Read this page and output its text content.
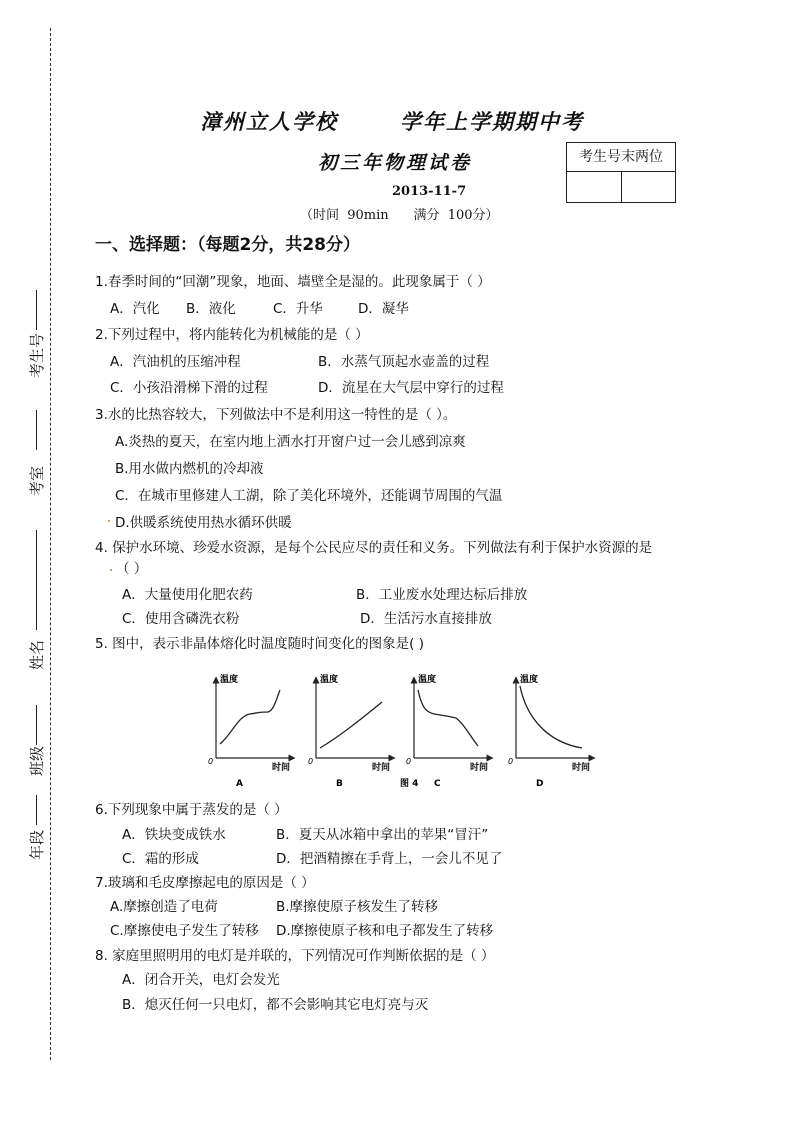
考生号
考室
姓名
班级
年段
漳州立人学校	学年上学期期中考
初三年物理试卷
2013-11-7
（时间  90min      满分  100分）
考生号末两位
一、选择题：（每题2分，共28分）
1.春季时间的“回潮”现象，地面、墙壁全是湿的。此现象属于（ ）
A．汽化 B．液化	C．升华	D．凝华
2.下列过程中，将内能转化为机械能的是（ ）
A．汽油机的压缩冲程	B．水蒸气顶起水壶盖的过程
C．小孩沿滑梯下滑的过程	D．流星在大气层中穿行的过程
3.水的比热容较大，下列做法中不是利用这一特性的是（ ）。
A.炎热的夏天，在室内地上洒水打开窗户过一会儿感到凉爽
B.用水做内燃机的冷却液
C．在城市里修建人工湖，除了美化环境外，还能调节周围的气温
D.供暖系统使用热水循环供暖
4. 保护水环境、珍爱水资源，是每个公民应尽的责任和义务。下列做法有利于保护水资源的是
（ ）
A．大量使用化肥农药	B．工业废水处理达标后排放
C．使用含磷洗衣粉	D．生活污水直接排放
5. 图中，表示非晶体熔化时温度随时间变化的图象是( )
温度
时间
0
A
温度
时间
0
B
温度
时间
0
C
温度
时间
0
D
图 4
6.下列现象中属于蒸发的是（ ）
A．铁块变成铁水	B．夏天从冰箱中拿出的苹果“冒汗”
C．霜的形成	D．把酒精擦在手背上，一会儿不见了
7.玻璃和毛皮摩擦起电的原因是（ ）
A.摩擦创造了电荷	B.摩擦使原子核发生了转移
C.摩擦使电子发生了转移 D.摩擦使原子核和电子都发生了转移
8. 家庭里照明用的电灯是并联的，下列情况可作判断依据的是（ ）
A．闭合开关，电灯会发光
B．熄灭任何一只电灯，都不会影响其它电灯亮与灭
